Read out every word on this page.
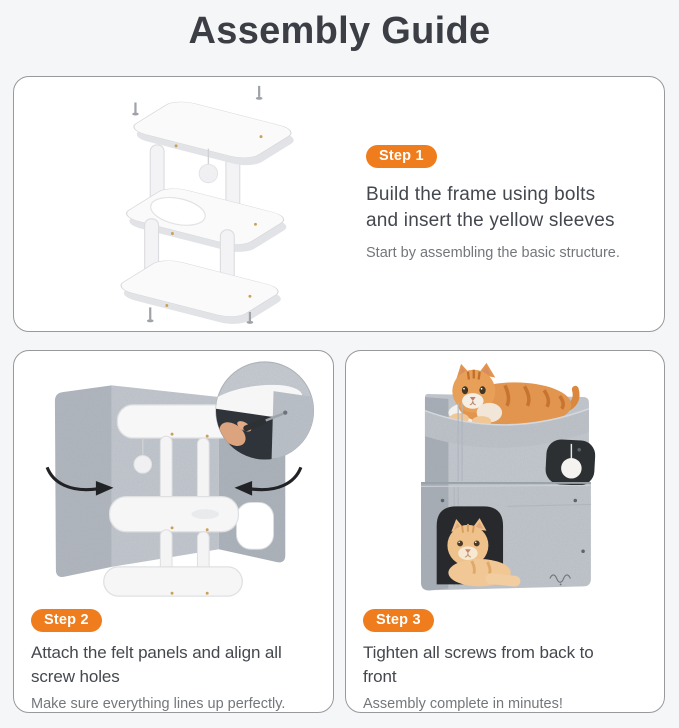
Assembly Guide
Step 1
Build the frame using bolts
and insert the yellow sleeves
Start by assembling the basic structure.
Step 2
Attach the felt panels and align all
screw holes
Make sure everything lines up perfectly.
Step 3
Tighten all screws from back to
front
Assembly complete in minutes!
